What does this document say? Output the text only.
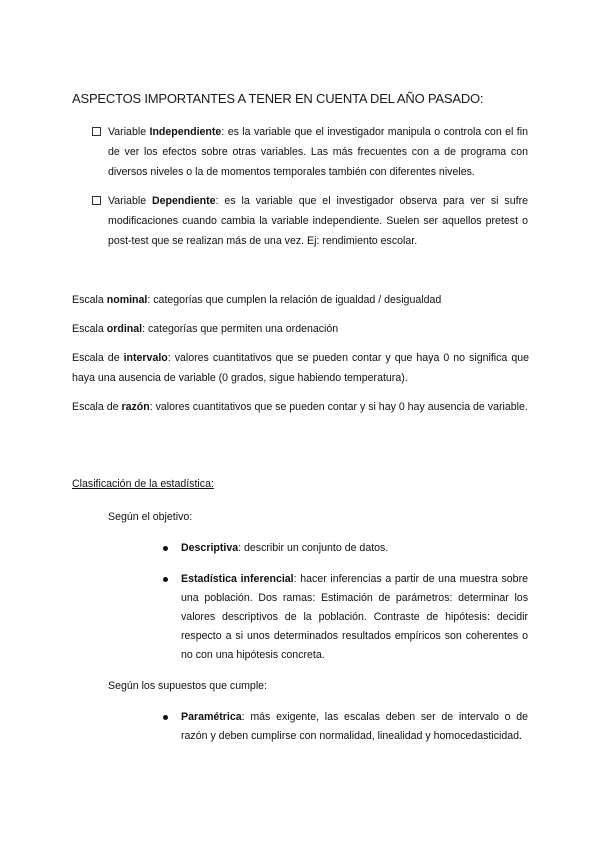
ASPECTOS IMPORTANTES A TENER EN CUENTA DEL AÑO PASADO:
Variable Independiente: es la variable que el investigador manipula o controla con el fin de ver los efectos sobre otras variables. Las más frecuentes con a de programa con diversos niveles o la de momentos temporales también con diferentes niveles.
Variable Dependiente: es la variable que el investigador observa para ver si sufre modificaciones cuando cambia la variable independiente. Suelen ser aquellos pretest o post-test que se realizan más de una vez. Ej: rendimiento escolar.
Escala nominal: categorías que cumplen la relación de igualdad / desigualdad
Escala ordinal: categorías que permiten una ordenación
Escala de intervalo: valores cuantitativos que se pueden contar y que haya 0 no significa que haya una ausencia de variable (0 grados, sigue habiendo temperatura).
Escala de razón: valores cuantitativos que se pueden contar y si hay 0 hay ausencia de variable.
Clasificación de la estadística:
Según el objetivo:
Descriptiva: describir un conjunto de datos.
Estadística inferencial: hacer inferencias a partir de una muestra sobre una población. Dos ramas: Estimación de parámetros: determinar los valores descriptivos de la población. Contraste de hipótesis: decidir respecto a si unos determinados resultados empíricos son coherentes o no con una hipótesis concreta.
Según los supuestos que cumple:
Paramétrica: más exigente, las escalas deben ser de intervalo o de razón y deben cumplirse con normalidad, linealidad y homocedasticidad.
